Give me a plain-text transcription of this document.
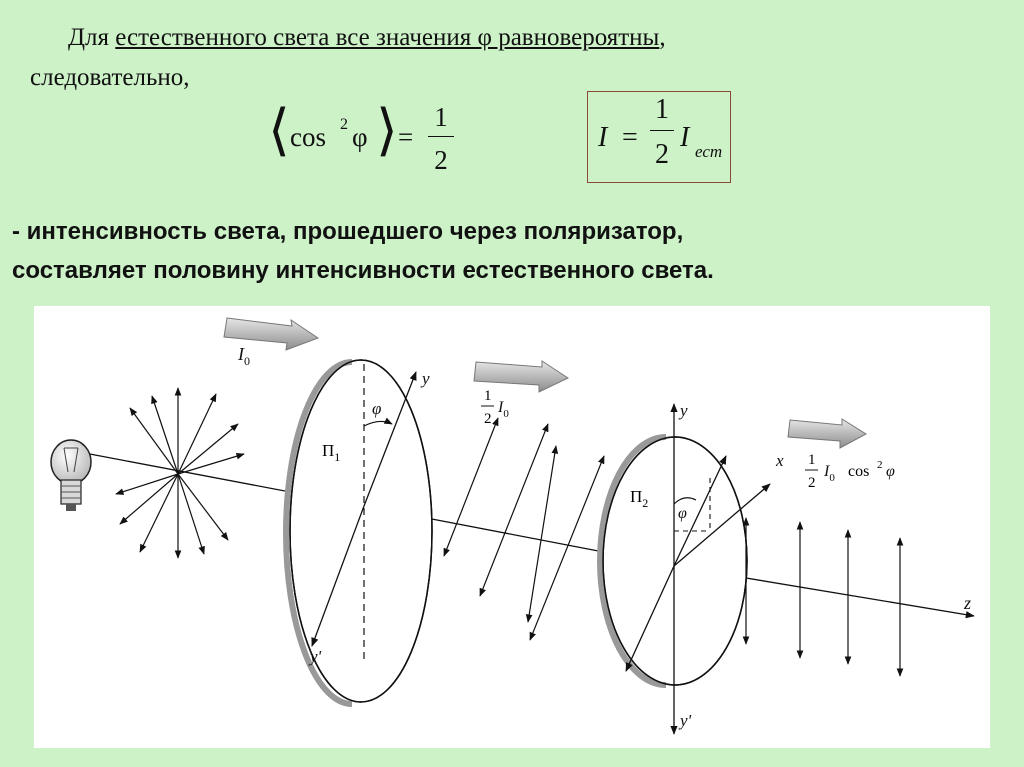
Для естественного света все значения φ равновероятны,
следовательно,
⟨ cos 2 φ ⟩ = $\frac{1}{2}$	$I = \frac{1}{2}$ I ест
- интенсивность света, прошедшего через поляризатор,
составляет половину интенсивности естественного света.
z
$I_0$
y
y'
φ
$П_1$
1
2
$I_0$	y
y'
x
φ
$П_2$
1
2
$I_0$ cos 2 φ
